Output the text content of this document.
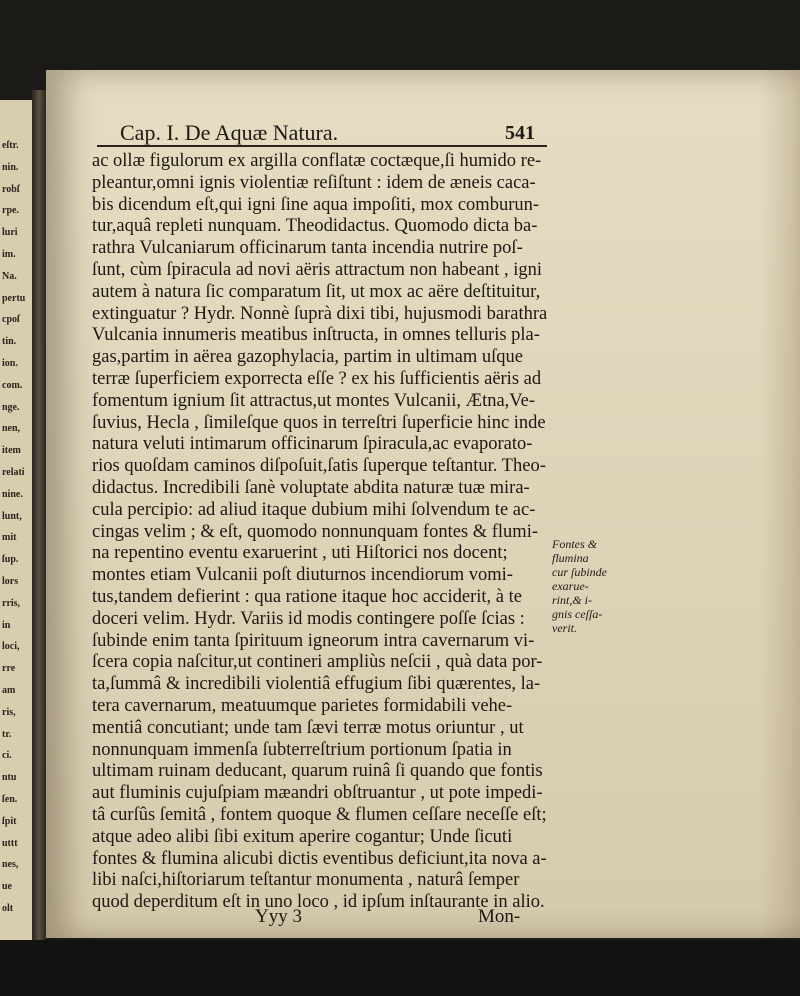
eſtr.
nin.
robſ
rpe.
luri
im.
Na.
pertu
cpoſ
tin.
ion.
com.
nge.
nen,
item
relati
nine.
lunt,
mit
ſup.
lors
rris,
in
loci,
rre
am
ris,
tr.
ci.
ntu
ſen.
ſpit
uttt
nes,
ue
olt
Cap. I. De Aquæ Natura.	541
ac ollæ figulorum ex argilla conflatæ coctæque,ſi humido re-
pleantur,omni ignis violentiæ reſiſtunt : idem de æneis caca-
bis dicendum eſt,qui igni ſine aqua impoſiti, mox comburun-
tur,aquâ repleti nunquam. Theodidactus. Quomodo dicta ba-
rathra Vulcaniarum officinarum tanta incendia nutrire poſ-
ſunt, cùm ſpiracula ad novi aëris attractum non habeant , igni
autem à natura ſic comparatum ſit, ut mox ac aëre deſtituitur,
extinguatur ? Hydr. Nonnè ſuprà dixi tibi, hujusmodi barathra
Vulcania innumeris meatibus inſtructa, in omnes telluris pla-
gas,partim in aërea gazophylacia, partim in ultimam uſque
terræ ſuperficiem exporrecta eſſe ? ex his ſufficientis aëris ad
fomentum ignium ſit attractus,ut montes Vulcanii, Ætna,Ve-
ſuvius, Hecla , ſimileſque quos in terreſtri ſuperficie hinc inde
natura veluti intimarum officinarum ſpiracula,ac evaporato-
rios quoſdam caminos diſpoſuit,ſatis ſuperque teſtantur. Theo-
didactus. Incredibili ſanè voluptate abdita naturæ tuæ mira-
cula percipio: ad aliud itaque dubium mihi ſolvendum te ac-
cingas velim ; & eſt, quomodo nonnunquam fontes & flumi-
na repentino eventu exaruerint , uti Hiſtorici nos docent;
montes etiam Vulcanii poſt diuturnos incendiorum vomi-
tus,tandem defierint : qua ratione itaque hoc acciderit, à te
doceri velim. Hydr. Variis id modis contingere poſſe ſcias :
ſubinde enim tanta ſpirituum igneorum intra cavernarum vi-
ſcera copia naſcitur,ut contineri ampliùs neſcii , quà data por-
ta,ſummâ & incredibili violentiâ effugium ſibi quærentes, la-
tera cavernarum, meatuumque parietes formidabili vehe-
mentiâ concutiant; unde tam ſævi terræ motus oriuntur , ut
nonnunquam immenſa ſubterreſtrium portionum ſpatia in
ultimam ruinam deducant, quarum ruinâ ſi quando que fontis
aut fluminis cujuſpiam mæandri obſtruantur , ut pote impedi-
tâ curſûs ſemitâ , fontem quoque & flumen ceſſare neceſſe eſt;
atque adeo alibi ſibi exitum aperire cogantur; Unde ſicuti
fontes & flumina alicubi dictis eventibus deficiunt,ita nova a-
libi naſci,hiſtoriarum teſtantur monumenta , naturâ ſemper
quod deperditum eſt in uno loco , id ipſum inſtaurante in alio.
Fontes &
flumina
cur ſubinde
exarue-
rint,& i-
gnis ceſſa-
verit.
Yyy 3	Mon-
